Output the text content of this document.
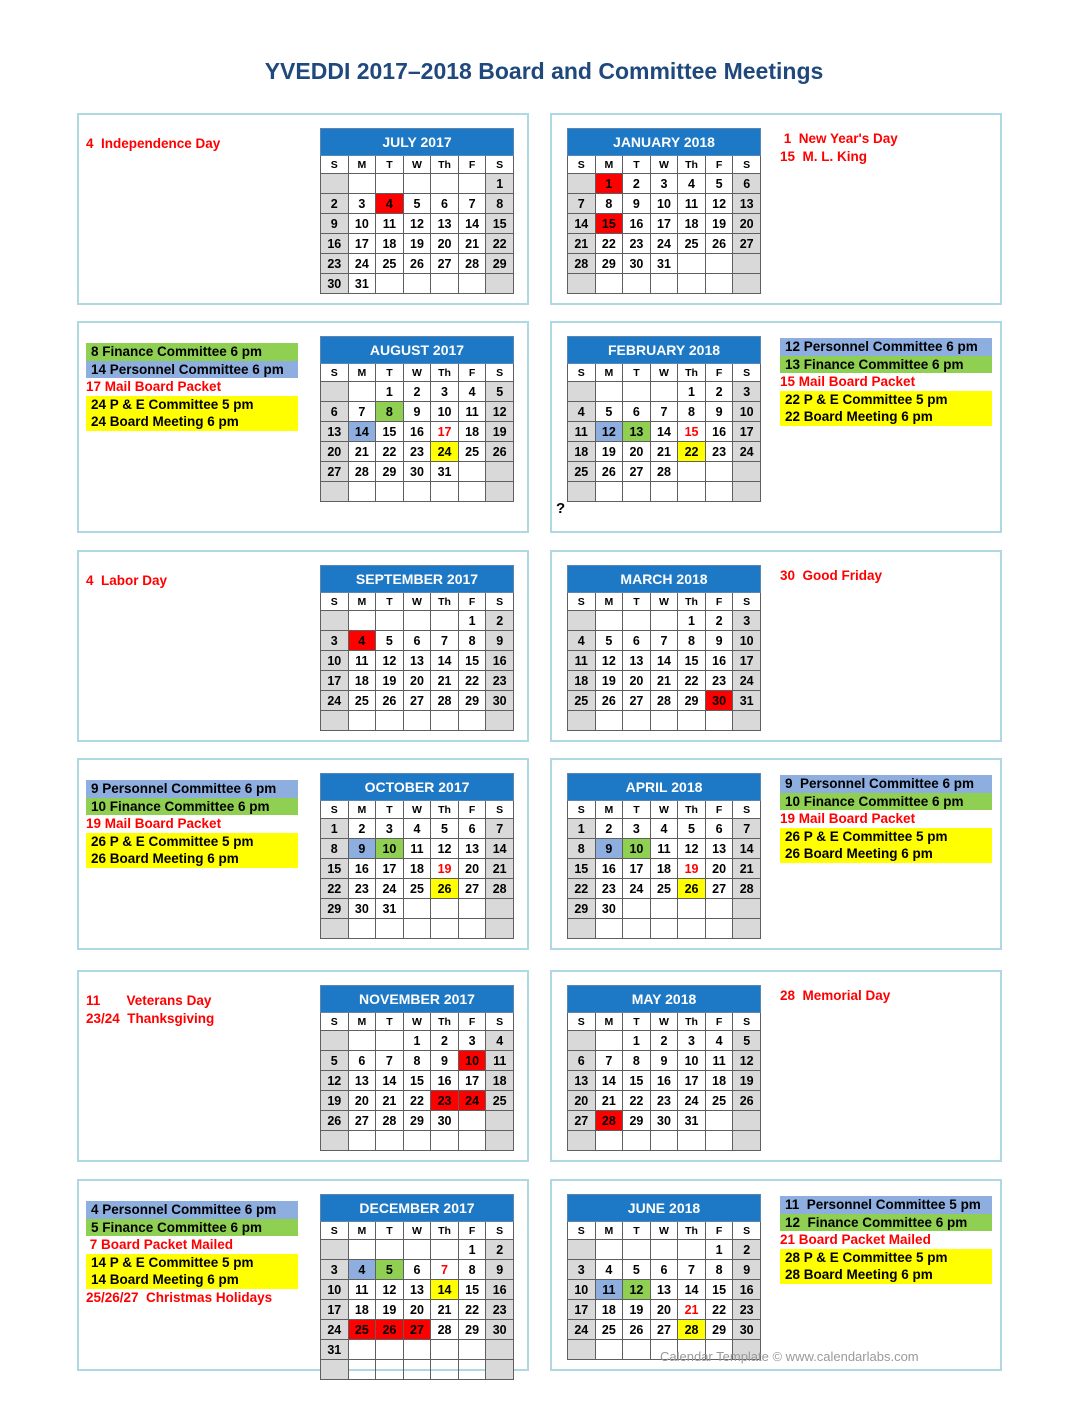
YVEDDI 2017–2018 Board and Committee Meetings
4  Independence Day	JULY 2017						
S	M	T	W	Th	F	S
						1
2	3	4	5	6	7	8
9	10	11	12	13	14	15
16	17	18	19	20	21	22
23	24	25	26	27	28	29
30	31					
1  New Year's Day
15  M. L. King
JANUARY 2018						
S	M	T	W	Th	F	S
	1	2	3	4	5	6
7	8	9	10	11	12	13
14	15	16	17	18	19	20
21	22	23	24	25	26	27
28	29	30	31			

8 Finance Committee 6 pm
14 Personnel Committee 6 pm
17 Mail Board Packet
24 P & E Committee 5 pm
24 Board Meeting 6 pm
AUGUST 2017						
S	M	T	W	Th	F	S
		1	2	3	4	5
6	7	8	9	10	11	12
13	14	15	16	17	18	19
20	21	22	23	24	25	26
27	28	29	30	31		

12 Personnel Committee 6 pm
13 Finance Committee 6 pm
15 Mail Board Packet
22 P & E Committee 5 pm
22 Board Meeting 6 pm
FEBRUARY 2018						
S	M	T	W	Th	F	S
				1	2	3
4	5	6	7	8	9	10
11	12	13	14	15	16	17
18	19	20	21	22	23	24
25	26	27	28			

4  Labor Day	SEPTEMBER 2017						
S	M	T	W	Th	F	S
					1	2
3	4	5	6	7	8	9
10	11	12	13	14	15	16
17	18	19	20	21	22	23
24	25	26	27	28	29	30

30  Good Friday
MARCH 2018						
S	M	T	W	Th	F	S
				1	2	3
4	5	6	7	8	9	10
11	12	13	14	15	16	17
18	19	20	21	22	23	24
25	26	27	28	29	30	31

9 Personnel Committee 6 pm
10 Finance Committee 6 pm
19 Mail Board Packet
26 P & E Committee 5 pm
26 Board Meeting 6 pm
OCTOBER 2017						
S	M	T	W	Th	F	S
1	2	3	4	5	6	7
8	9	10	11	12	13	14
15	16	17	18	19	20	21
22	23	24	25	26	27	28
29	30	31				

9  Personnel Committee 6 pm
10 Finance Committee 6 pm
19 Mail Board Packet
26 P & E Committee 5 pm
26 Board Meeting 6 pm
APRIL 2018						
S	M	T	W	Th	F	S
1	2	3	4	5	6	7
8	9	10	11	12	13	14
15	16	17	18	19	20	21
22	23	24	25	26	27	28
29	30					

11       Veterans Day
23/24  Thanksgiving
NOVEMBER 2017						
S	M	T	W	Th	F	S
			1	2	3	4
5	6	7	8	9	10	11
12	13	14	15	16	17	18
19	20	21	22	23	24	25
26	27	28	29	30		

28  Memorial Day
MAY 2018						
S	M	T	W	Th	F	S
		1	2	3	4	5
6	7	8	9	10	11	12
13	14	15	16	17	18	19
20	21	22	23	24	25	26
27	28	29	30	31		

4 Personnel Committee 6 pm
5 Finance Committee 6 pm
7 Board Packet Mailed
14 P & E Committee 5 pm
14 Board Meeting 6 pm
25/26/27  Christmas Holidays
DECEMBER 2017						
S	M	T	W	Th	F	S
					1	2
3	4	5	6	7	8	9
10	11	12	13	14	15	16
17	18	19	20	21	22	23
24	25	26	27	28	29	30
31						

11  Personnel Committee 5 pm
12  Finance Committee 6 pm
21 Board Packet Mailed
28 P & E Committee 5 pm
28 Board Meeting 6 pm
JUNE 2018						
S	M	T	W	Th	F	S
					1	2
3	4	5	6	7	8	9
10	11	12	13	14	15	16
17	18	19	20	21	22	23
24	25	26	27	28	29	30

?
Calendar Template © www.calendarlabs.com
